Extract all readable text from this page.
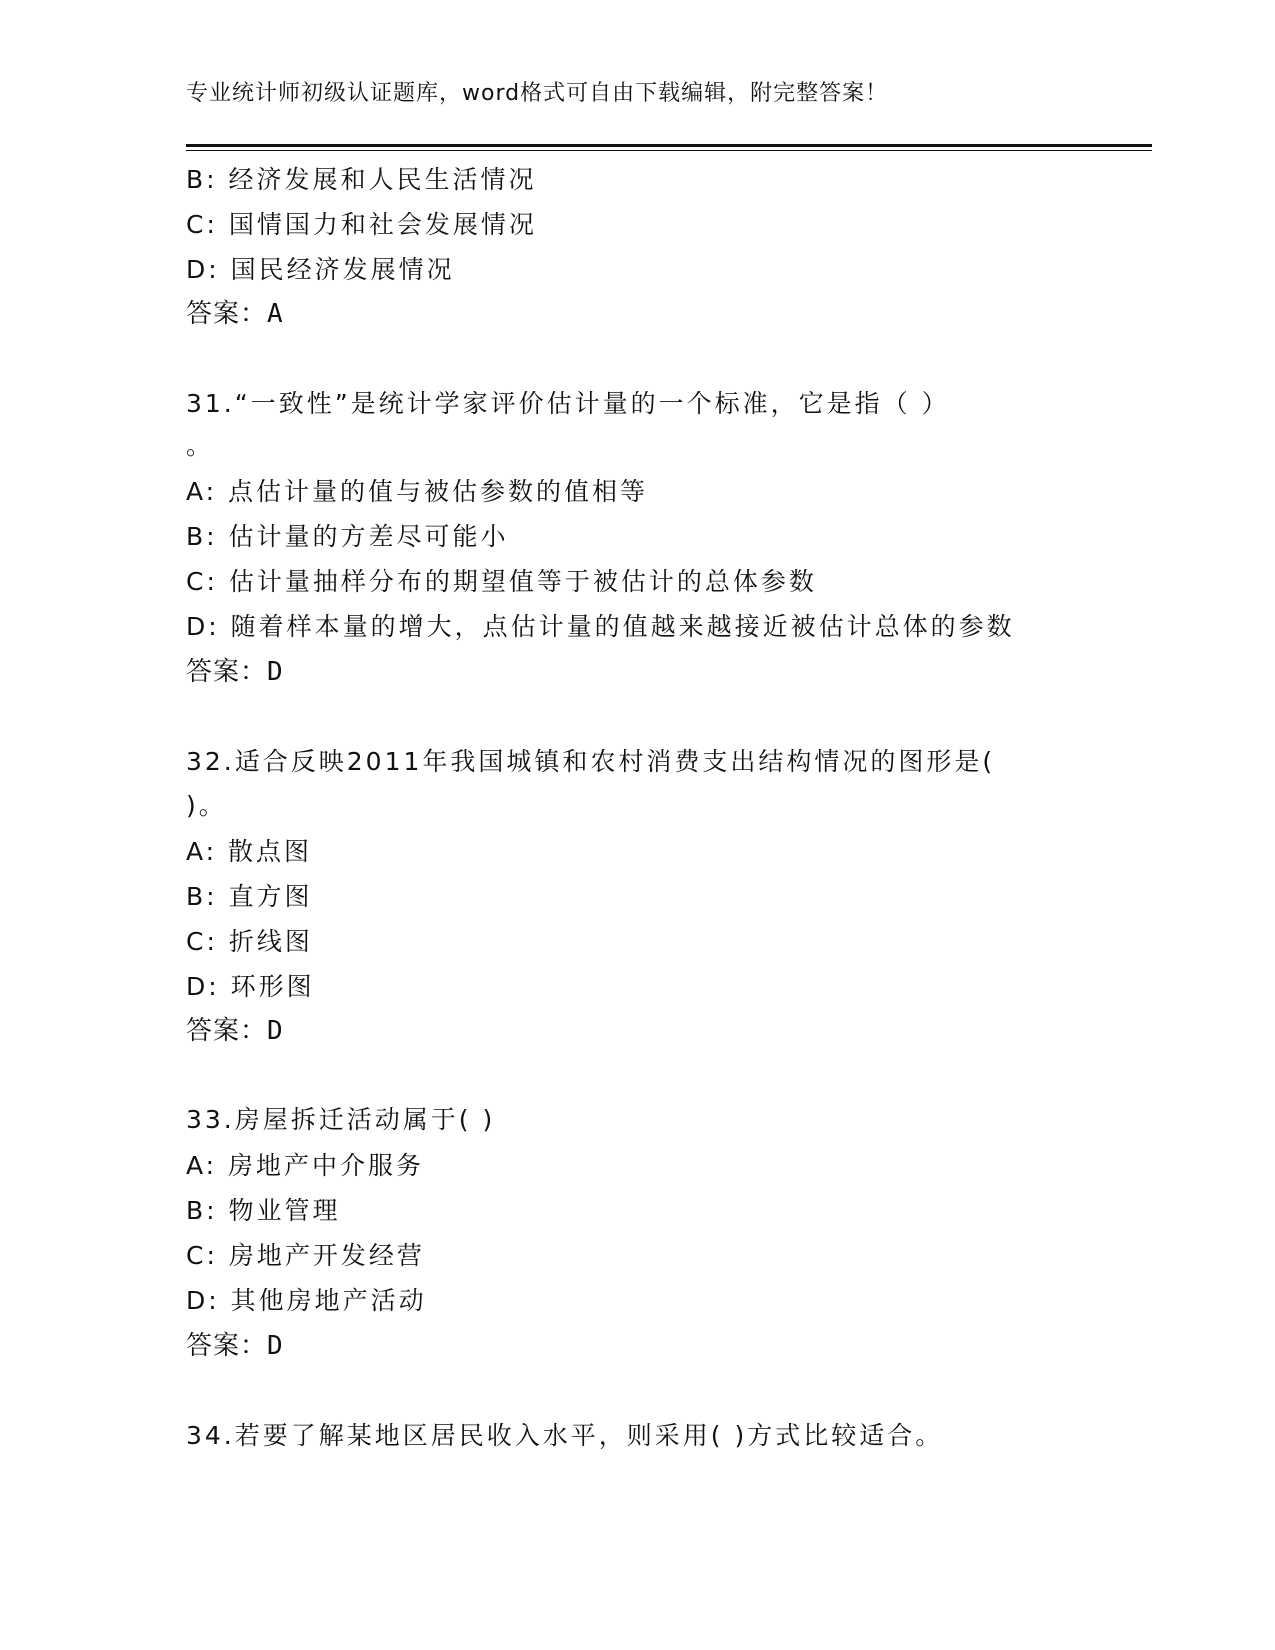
专业统计师初级认证题库，word格式可自由下载编辑，附完整答案！
B: 经济发展和人民生活情况
C: 国情国力和社会发展情况
D: 国民经济发展情况
答案：A
31.“一致性”是统计学家评价估计量的一个标准，它是指（ ）
。
A: 点估计量的值与被估参数的值相等
B: 估计量的方差尽可能小
C: 估计量抽样分布的期望值等于被估计的总体参数
D: 随着样本量的增大，点估计量的值越来越接近被估计总体的参数
答案：D
32.适合反映2011年我国城镇和农村消费支出结构情况的图形是(
)。
A: 散点图
B: 直方图
C: 折线图
D: 环形图
答案：D
33.房屋拆迁活动属于( )
A: 房地产中介服务
B: 物业管理
C: 房地产开发经营
D: 其他房地产活动
答案：D
34.若要了解某地区居民收入水平，则采用( )方式比较适合。
